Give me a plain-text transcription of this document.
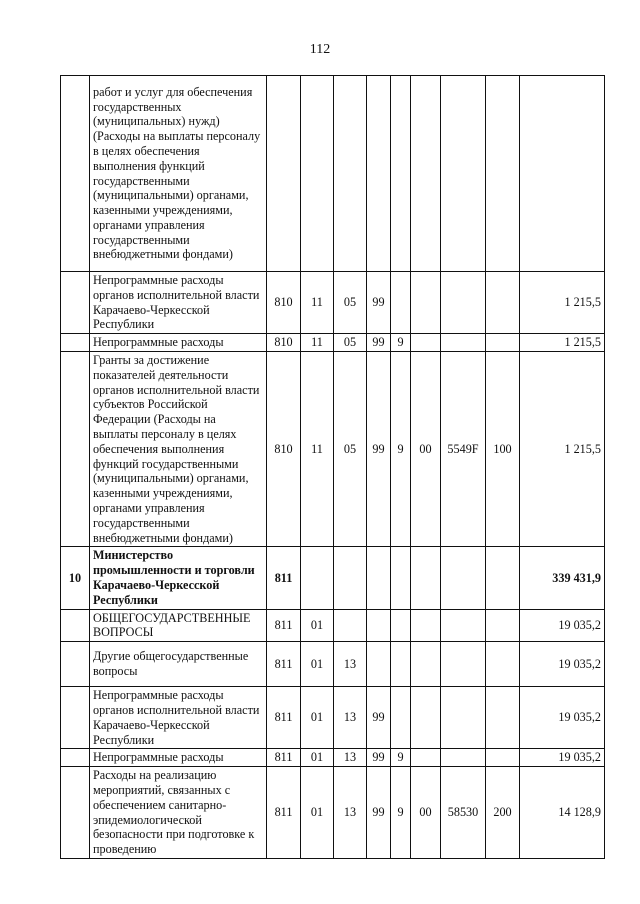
112
	работ и услуг для обеспечения государственных (муниципальных) нужд) (Расходы на выплаты персоналу в целях обеспечения выполнения функций государственными (муниципальными) органами, казенными учреждениями, органами управления государственными внебюджетными фондами)									
	Непрограммные расходы органов исполнительной власти Карачаево-Черкесской Республики	810	11	05	99					1 215,5
	Непрограммные расходы	810	11	05	99	9				1 215,5
	Гранты за достижение показателей деятельности органов исполнительной власти субъектов Российской Федерации (Расходы на выплаты персоналу в целях обеспечения выполнения функций государственными (муниципальными) органами, казенными учреждениями, органами управления государственными внебюджетными фондами)	810	11	05	99	9	00	5549F	100	1 215,5
10	Министерство промышленности и торговли Карачаево-Черкесской Республики	811								339 431,9
	ОБЩЕГОСУДАРСТВЕННЫЕ ВОПРОСЫ	811	01							19 035,2
	Другие общегосударственные вопросы	811	01	13						19 035,2
	Непрограммные расходы органов исполнительной власти Карачаево-Черкесской Республики	811	01	13	99					19 035,2
	Непрограммные расходы	811	01	13	99	9				19 035,2
	Расходы на реализацию мероприятий, связанных с обеспечением санитарно-эпидемиологической безопасности при подготовке к проведению	811	01	13	99	9	00	58530	200	14 128,9
